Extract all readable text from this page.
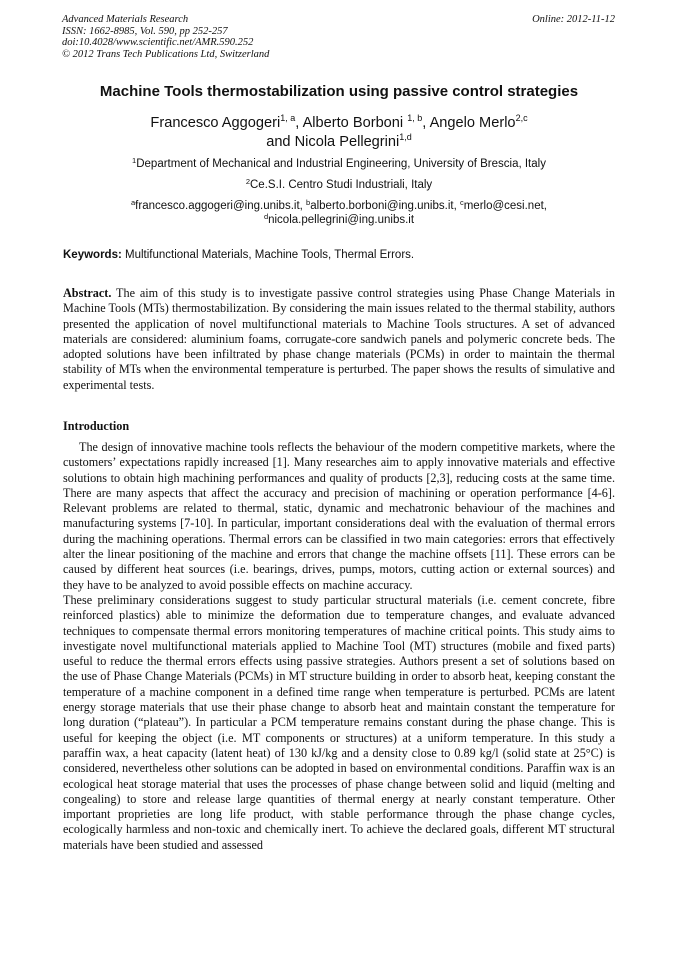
Advanced Materials Research
ISSN: 1662-8985, Vol. 590, pp 252-257
doi:10.4028/www.scientific.net/AMR.590.252
© 2012 Trans Tech Publications Ltd, Switzerland
Online: 2012-11-12
Machine Tools thermostabilization using passive control strategies
Francesco Aggogeri$^{1, a}$, Alberto Borboni $^{1, b}$, Angelo Merlo$^{2,c}$
and Nicola Pellegrini$^{1,d}$
$^1$Department of Mechanical and Industrial Engineering, University of Brescia, Italy
$^2$Ce.S.I. Centro Studi Industriali, Italy
$^a$francesco.aggogeri@ing.unibs.it, $^b$alberto.borboni@ing.unibs.it, $^c$merlo@cesi.net,
$^d$nicola.pellegrini@ing.unibs.it
Keywords: Multifunctional Materials, Machine Tools, Thermal Errors.
Abstract. The aim of this study is to investigate passive control strategies using Phase Change Materials in Machine Tools (MTs) thermostabilization. By considering the main issues related to the thermal stability, authors presented the application of novel multifunctional materials to Machine Tools structures. A set of advanced materials are considered: aluminium foams, corrugate-core sandwich panels and polymeric concrete beds. The adopted solutions have been infiltrated by phase change materials (PCMs) in order to maintain the thermal stability of MTs when the environmental temperature is perturbed. The paper shows the results of simulative and experimental tests.
Introduction

The design of innovative machine tools reflects the behaviour of the modern competitive markets, where the customers’ expectations rapidly increased [1]. Many researches aim to apply innovative materials and effective solutions to obtain high machining performances and quality of products [2,3], reducing costs at the same time. There are many aspects that affect the accuracy and precision of machining or operation performance [4-6]. Relevant problems are related to thermal, static, dynamic and mechatronic behaviour of the machines and manufacturing systems [7-10]. In particular, important considerations deal with the evaluation of thermal errors during the machining operations. Thermal errors can be classified in two main categories: errors that effectively alter the linear positioning of the machine and errors that change the machine offsets [11]. These errors can be caused by different heat sources (i.e. bearings, drives, pumps, motors, cutting action or external sources) and they have to be analyzed to avoid possible effects on machine accuracy.

These preliminary considerations suggest to study particular structural materials (i.e. cement concrete, fibre reinforced plastics) able to minimize the deformation due to temperature changes, and evaluate advanced techniques to compensate thermal errors monitoring temperatures of machine critical points. This study aims to investigate novel multifunctional materials applied to Machine Tool (MT) structures (mobile and fixed parts) useful to reduce the thermal errors effects using passive strategies. Authors present a set of solutions based on the use of Phase Change Materials (PCMs) in MT structure building in order to absorb heat, keeping constant the temperature of a machine component in a defined time range when temperature is perturbed. PCMs are latent energy storage materials that use their phase change to absorb heat and maintain constant the temperature for long duration (“plateau”). In particular a PCM temperature remains constant during the phase change. This is useful for keeping the object (i.e. MT components or structures) at a uniform temperature. In this study a paraffin wax, a heat capacity (latent heat) of 130 kJ/kg and a density close to 0.89 kg/l (solid state at 25°C) is considered, nevertheless other solutions can be adopted in based on environmental conditions. Paraffin wax is an ecological heat storage material that uses the processes of phase change between solid and liquid (melting and congealing) to store and release large quantities of thermal energy at nearly constant temperature. Other important proprieties are long life product, with stable performance through the phase change cycles, ecologically harmless and non-toxic and chemically inert. To achieve the declared goals, different MT structural materials have been studied and assessed
